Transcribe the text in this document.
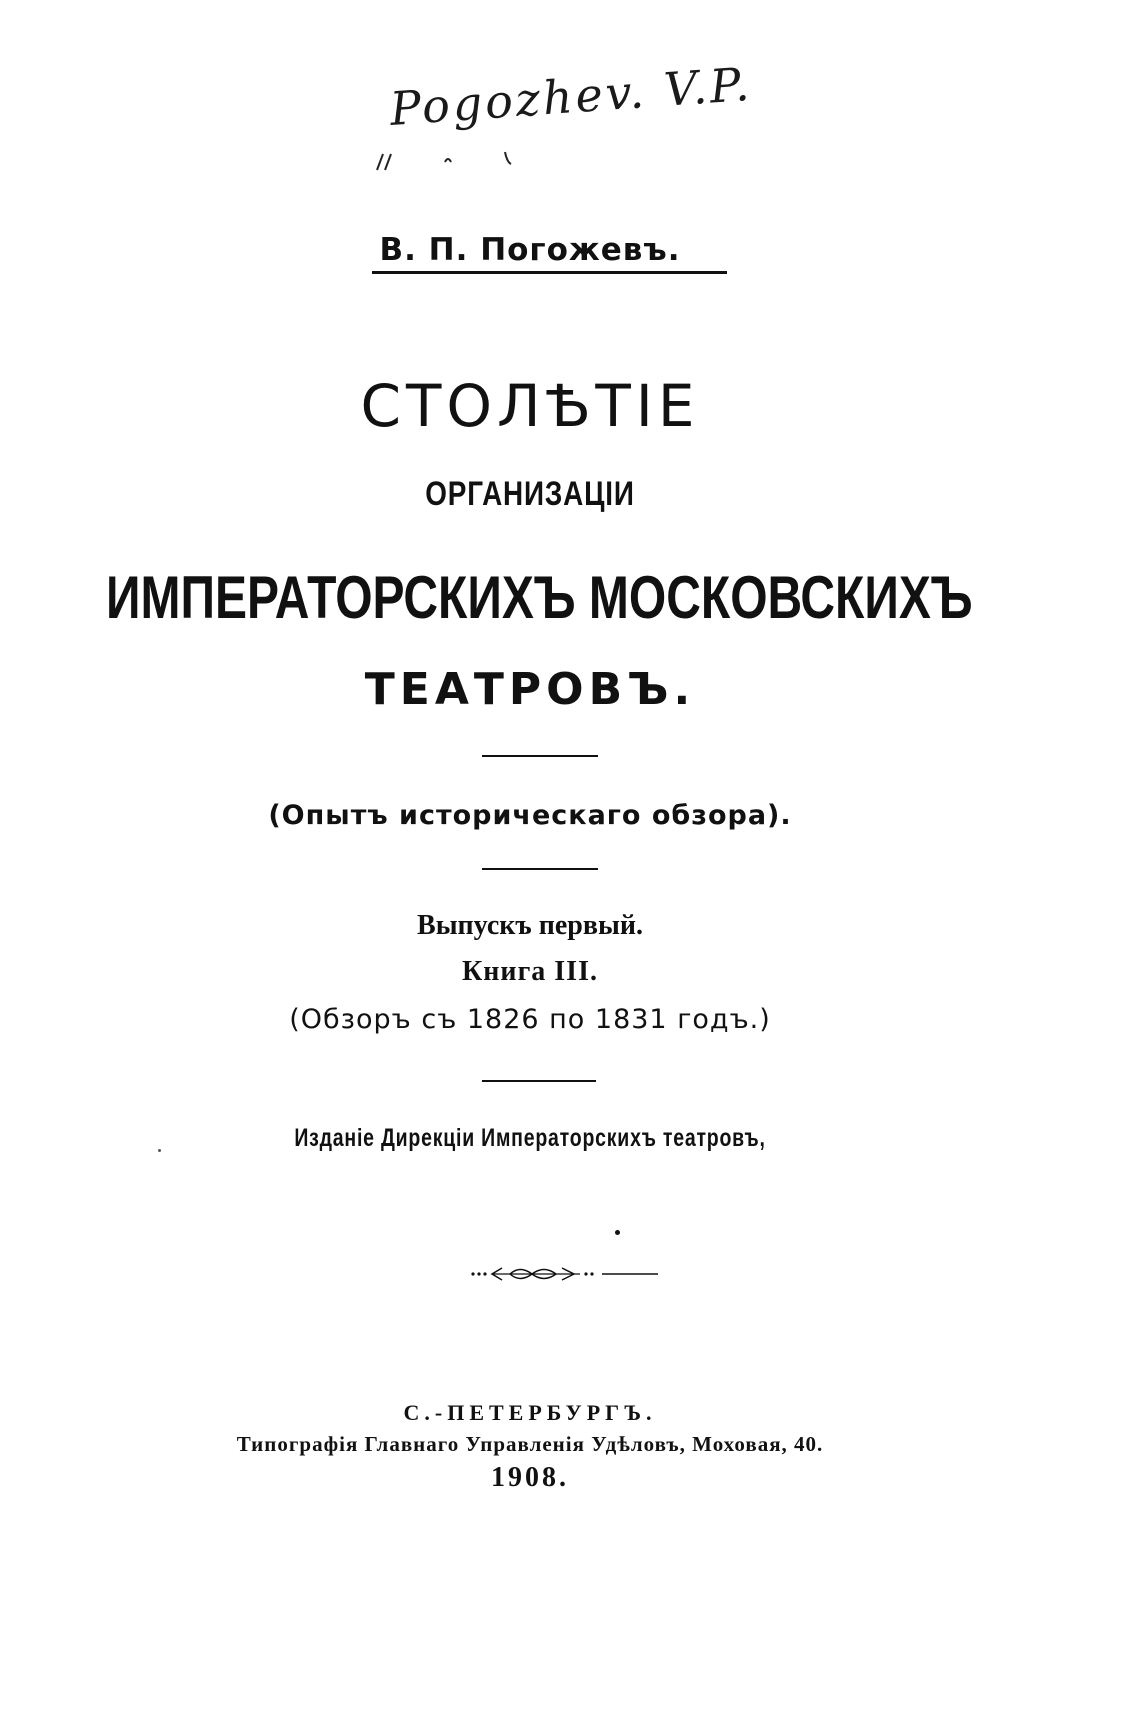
Pogozhev. V.P.
В. П. Погожевъ.
СТОЛѢТІЕ
ОРГАНИЗАЦІИ
ИМПЕРАТОРСКИХЪ МОСКОВСКИХЪ
ТЕАТРОВЪ.
(Опытъ историческаго обзора).
Выпускъ первый.
Книга III.
(Обзоръ съ 1826 по 1831 годъ.)
Изданіе Дирекціи Императорскихъ театровъ,
С.-ПЕТЕРБУРГЪ.
Типографія Главнаго Управленія Удѣловъ, Моховая, 40.
1908.
